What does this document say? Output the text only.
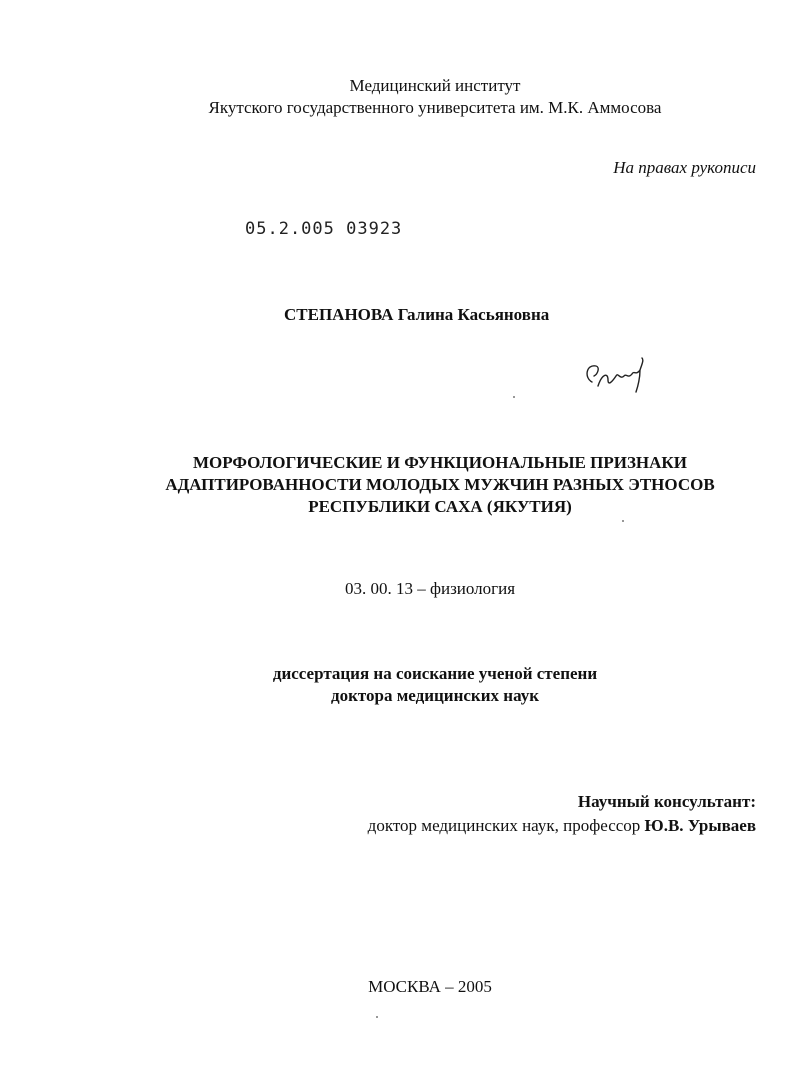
Медицинский институт
Якутского государственного университета им. М.К. Аммосова
На правах рукописи
05.2.005 03923
СТЕПАНОВА Галина Касьяновна
МОРФОЛОГИЧЕСКИЕ И ФУНКЦИОНАЛЬНЫЕ ПРИЗНАКИ
АДАПТИРОВАННОСТИ МОЛОДЫХ МУЖЧИН РАЗНЫХ ЭТНОСОВ
РЕСПУБЛИКИ САХА (ЯКУТИЯ)
03. 00. 13 – физиология
диссертация на соискание ученой степени
доктора медицинских наук
Научный консультант:
доктор медицинских наук, профессор Ю.В. Урываев
МОСКВА – 2005
